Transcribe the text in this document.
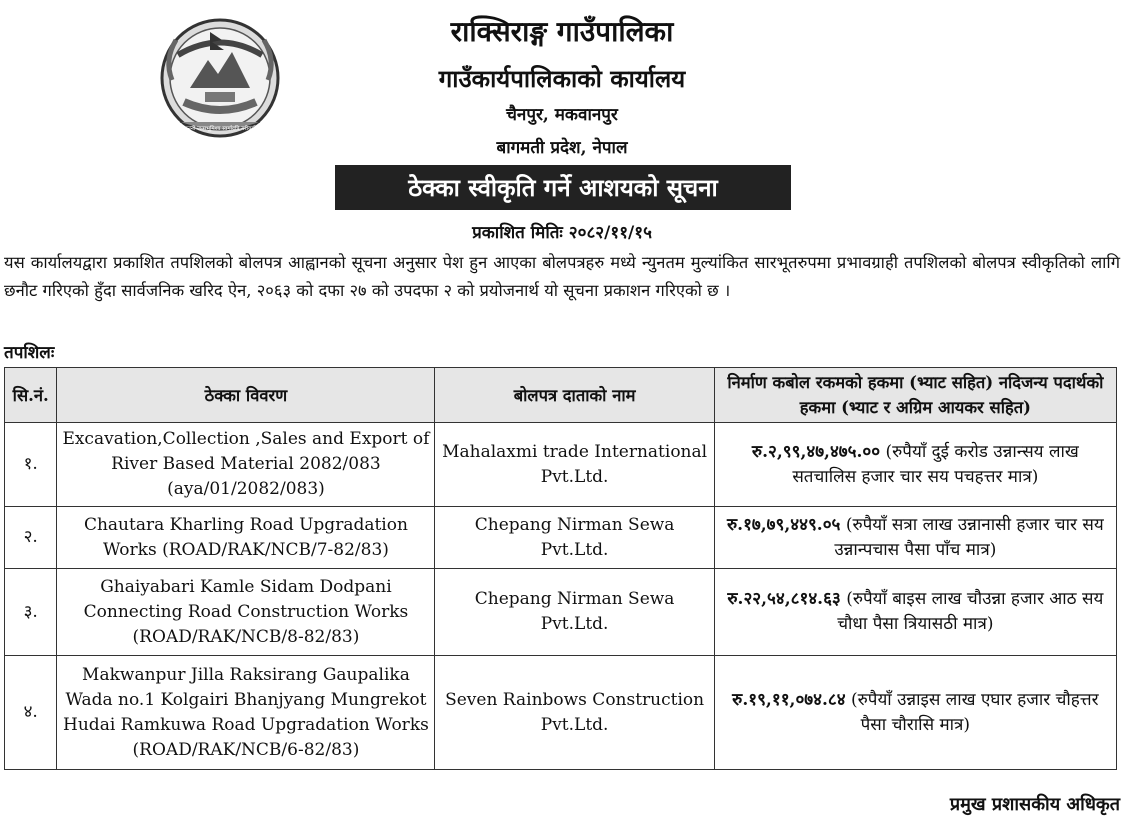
जननी जन्मभूमिश्च स्वर्गादपि गरीयसी
राक्सिराङ्ग गाउँपालिका
गाउँकार्यपालिकाको कार्यालय
चैनपुर, मकवानपुर
बागमती प्रदेश, नेपाल
ठेक्का स्वीकृति गर्ने आशयको सूचना
प्रकाशित मितिः २०८२/११/१५
यस कार्यालयद्वारा प्रकाशित तपशिलको बोलपत्र आह्वानको सूचना अनुसार पेश हुन आएका बोलपत्रहरु मध्ये न्युनतम मुल्यांकित सारभूतरुपमा प्रभावग्राही तपशिलको बोलपत्र स्वीकृतिको लागि छनौट गरिएको हुँदा सार्वजनिक खरिद ऐन, २०६३ को दफा २७ को उपदफा २ को प्रयोजनार्थ यो सूचना प्रकाशन गरिएको छ ।
तपशिलः
सि.नं.	ठेक्का विवरण	बोलपत्र दाताको नाम	निर्माण कबोल रकमको हकमा (भ्याट सहित) नदिजन्य पदार्थको हकमा (भ्याट र अग्रिम आयकर सहित)
१.	Excavation,Collection ,Sales and Export of River Based Material 2082/083 (aya/01/2082/083)	Mahalaxmi trade International Pvt.Ltd.	रु.२,९९,४७,४७५.०० (रुपैयाँ दुई करोड उन्नान्सय लाख सतचालिस हजार चार सय पचहत्तर मात्र)
२.	Chautara Kharling Road Upgradation Works (ROAD/RAK/NCB/7-82/83)	Chepang Nirman Sewa Pvt.Ltd.	रु.१७,७९,४४९.०५ (रुपैयाँ सत्रा लाख उन्नानासी हजार चार सय उन्नान्पचास पैसा पाँच मात्र)
३.	Ghaiyabari Kamle Sidam Dodpani Connecting Road Construction Works (ROAD/RAK/NCB/8-82/83)	Chepang Nirman Sewa Pvt.Ltd.	रु.२२,५४,८१४.६३ (रुपैयाँ बाइस लाख चौउन्ना हजार आठ सय चौधा पैसा त्रियासठी मात्र)
४.	Makwanpur Jilla Raksirang Gaupalika Wada no.1 Kolgairi Bhanjyang Mungrekot Hudai Ramkuwa Road Upgradation Works (ROAD/RAK/NCB/6-82/83)	Seven Rainbows Construction Pvt.Ltd.	रु.१९,११,०७४.८४ (रुपैयाँ उन्नाइस लाख एघार हजार चौहत्तर पैसा चौरासि मात्र)
प्रमुख प्रशासकीय अधिकृत
